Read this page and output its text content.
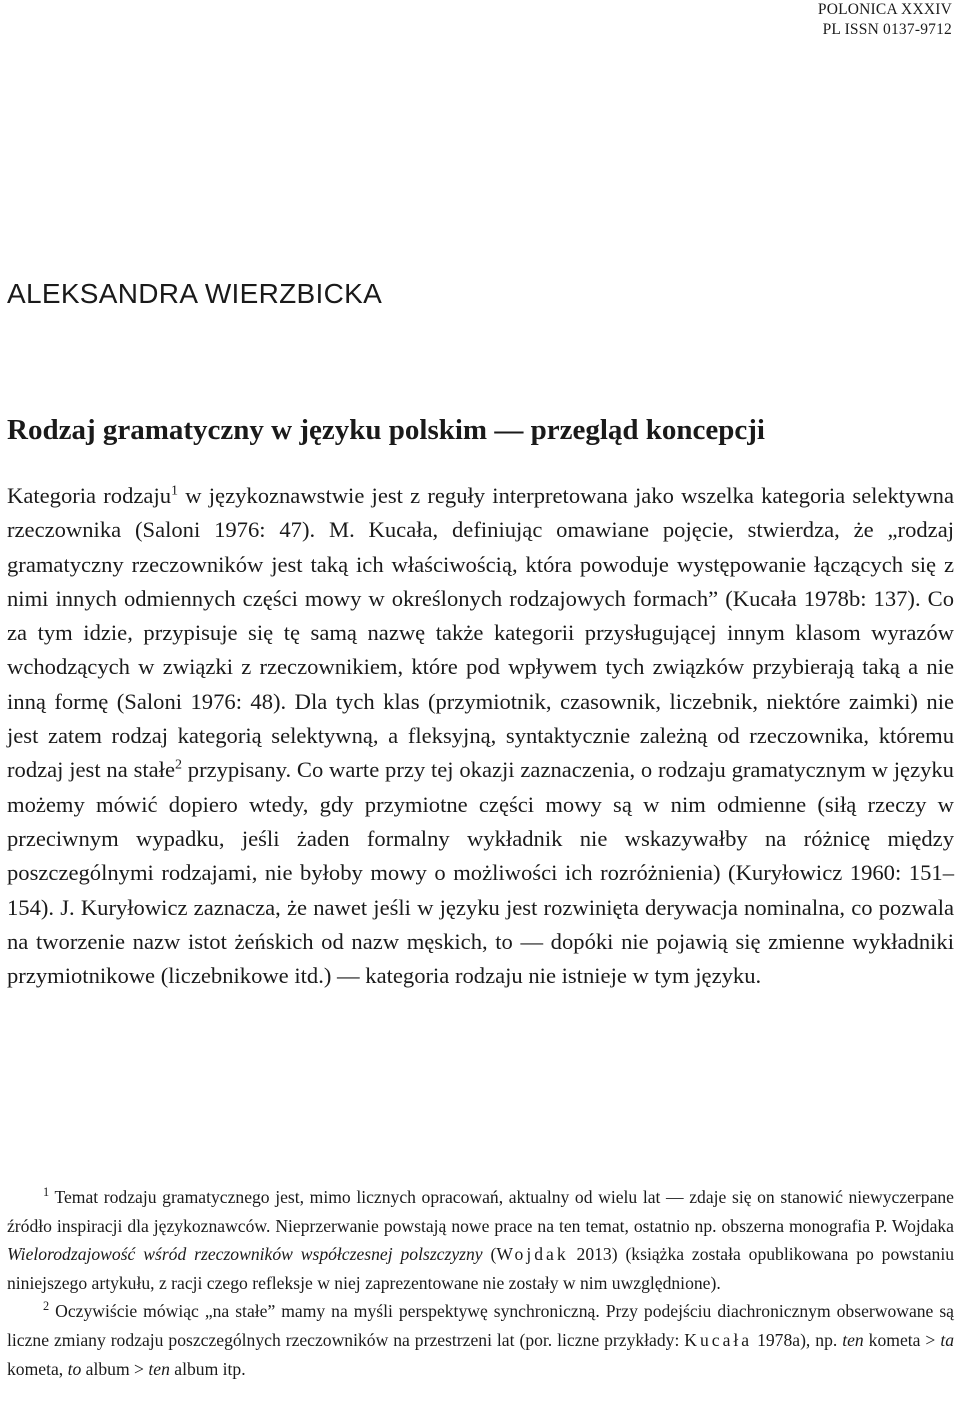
POLONICA XXXIV
PL ISSN 0137-9712
ALEKSANDRA WIERZBICKA
Rodzaj gramatyczny w języku polskim — przegląd koncepcji

Kategoria rodzaju$^1$ w językoznawstwie jest z reguły interpretowana jako wszelka kategoria selektywna rzeczownika (Saloni 1976: 47). M. Kucała, definiując omawiane pojęcie, stwierdza, że „rodzaj gramatyczny rzeczowników jest taką ich właściwością, która powoduje występowanie łączących się z nimi innych odmiennych części mowy w określonych rodzajowych formach” (Kucała 1978b: 137). Co za tym idzie, przypisuje się tę samą nazwę także kategorii przysługującej innym klasom wyrazów wchodzących w związki z rzeczownikiem, które pod wpływem tych związków przybierają taką a nie inną formę (Saloni 1976: 48). Dla tych klas (przymiotnik, czasownik, liczebnik, niektóre zaimki) nie jest zatem rodzaj kategorią selektywną, a fleksyjną, syntaktycznie zależną od rzeczownika, któremu rodzaj jest na stałe$^2$ przypisany. Co warte przy tej okazji zaznaczenia, o rodzaju gramatycznym w języku możemy mówić dopiero wtedy, gdy przymiotne części mowy są w nim odmienne (siłą rzeczy w przeciwnym wypadku, jeśli żaden formalny wykładnik nie wskazywałby na różnicę między poszczególnymi rodzajami, nie byłoby mowy o możliwości ich rozróżnienia) (Kuryłowicz 1960: 151–154). J. Kuryłowicz zaznacza, że nawet jeśli w języku jest rozwinięta derywacja nominalna, co pozwala na tworzenie nazw istot żeńskich od nazw męskich, to — dopóki nie pojawią się zmienne wykładniki przymiotnikowe (liczebnikowe itd.) — kategoria rodzaju nie istnieje w tym języku.

$^1$ Temat rodzaju gramatycznego jest, mimo licznych opracowań, aktualny od wielu lat — zdaje się on stanowić niewyczerpane źródło inspiracji dla językoznawców. Nieprzerwanie powstają nowe prace na ten temat, ostatnio np. obszerna monografia P. Wojdaka Wielorodzajowość wśród rzeczowników współczesnej polszczyzny (Wojdak 2013) (książka została opublikowana po powstaniu niniejszego artykułu, z racji czego refleksje w niej zaprezentowane nie zostały w nim uwzględnione).

$^2$ Oczywiście mówiąc „na stałe” mamy na myśli perspektywę synchroniczną. Przy podejściu diachronicznym obserwowane są liczne zmiany rodzaju poszczególnych rzeczowników na przestrzeni lat (por. liczne przykłady: Kucała 1978a), np. ten kometa > ta kometa, to album > ten album itp.
